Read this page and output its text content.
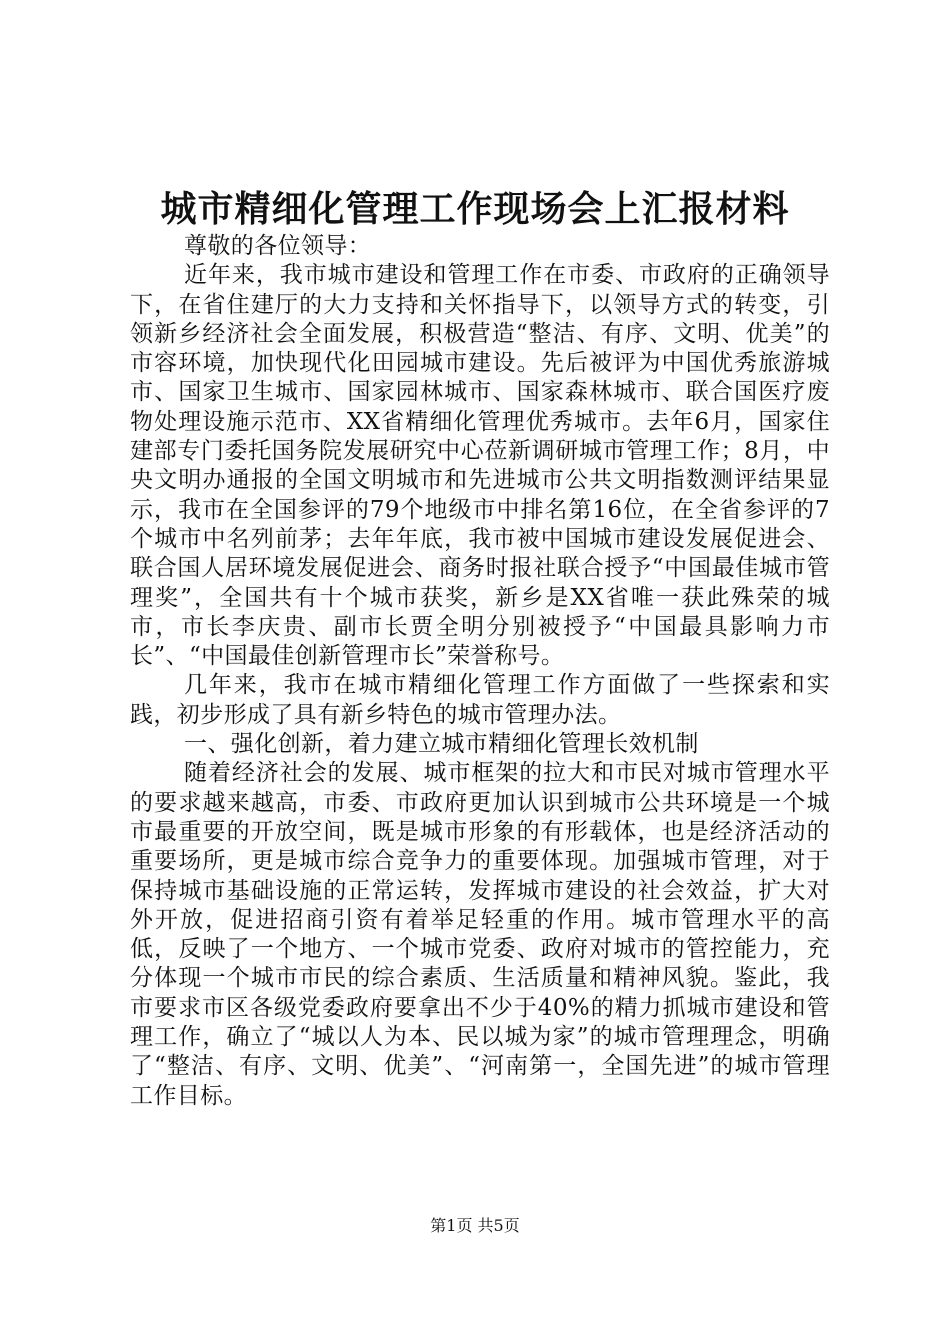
城市精细化管理工作现场会上汇报材料

尊敬的各位领导：

近年来，我市城市建设和管理工作在市委、市政府的正确领导下，在省住建厅的大力支持和关怀指导下，以领导方式的转变，引领新乡经济社会全面发展，积极营造“整洁、有序、文明、优美”的市容环境，加快现代化田园城市建设。先后被评为中国优秀旅游城市、国家卫生城市、国家园林城市、国家森林城市、联合国医疗废物处理设施示范市、XX省精细化管理优秀城市。去年6月，国家住建部专门委托国务院发展研究中心莅新调研城市管理工作；8月，中央文明办通报的全国文明城市和先进城市公共文明指数测评结果显示，我市在全国参评的79个地级市中排名第16位，在全省参评的7个城市中名列前茅；去年年底，我市被中国城市建设发展促进会、联合国人居环境发展促进会、商务时报社联合授予“中国最佳城市管理奖”，全国共有十个城市获奖，新乡是XX省唯一获此殊荣的城市，市长李庆贵、副市长贾全明分别被授予“中国最具影响力市长”、“中国最佳创新管理市长”荣誉称号。

几年来，我市在城市精细化管理工作方面做了一些探索和实践，初步形成了具有新乡特色的城市管理办法。

一、强化创新，着力建立城市精细化管理长效机制

随着经济社会的发展、城市框架的拉大和市民对城市管理水平的要求越来越高，市委、市政府更加认识到城市公共环境是一个城市最重要的开放空间，既是城市形象的有形载体，也是经济活动的重要场所，更是城市综合竞争力的重要体现。加强城市管理，对于保持城市基础设施的正常运转，发挥城市建设的社会效益，扩大对外开放，促进招商引资有着举足轻重的作用。城市管理水平的高低，反映了一个地方、一个城市党委、政府对城市的管控能力，充分体现一个城市市民的综合素质、生活质量和精神风貌。鉴此，我市要求市区各级党委政府要拿出不少于40%的精力抓城市建设和管理工作，确立了“城以人为本、民以城为家”的城市管理理念，明确了“整洁、有序、文明、优美”、“河南第一，全国先进”的城市管理工作目标。

第1页 共5页
